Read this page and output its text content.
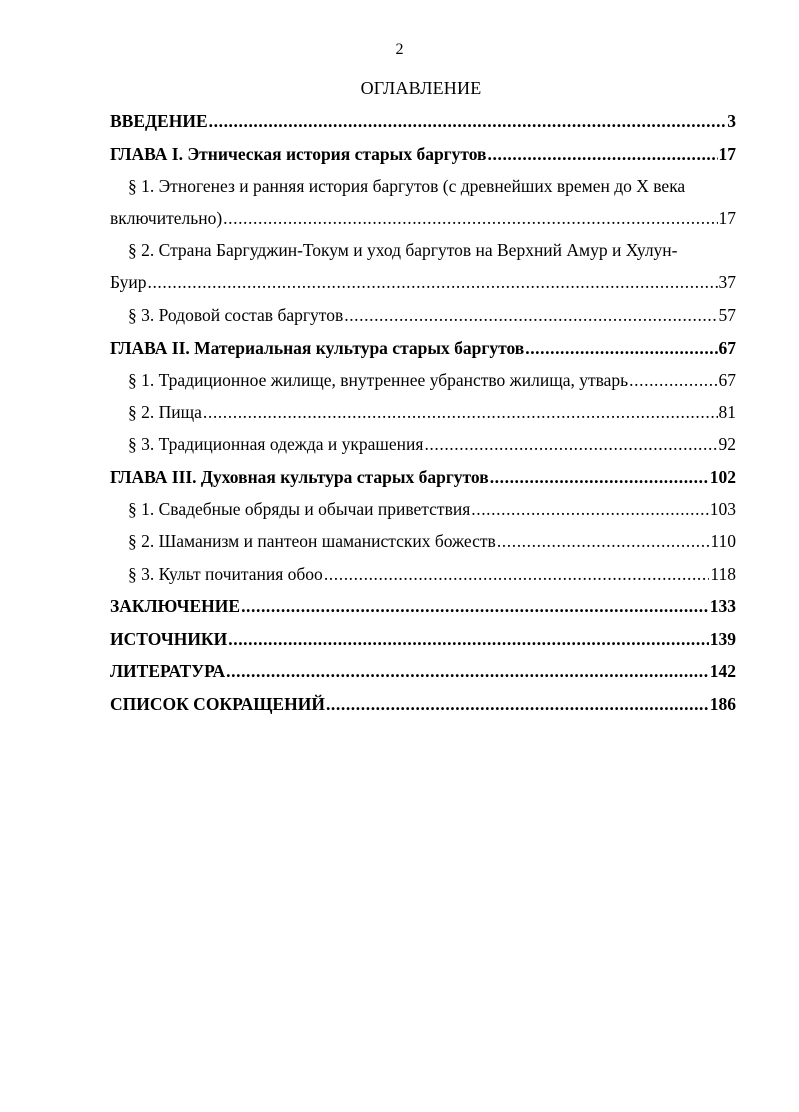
2
ОГЛАВЛЕНИЕ
ВВЕДЕНИЕ .....	3
ГЛАВА I. Этническая история старых баргутов .....	17
§ 1. Этногенез и ранняя история баргутов (с древнейших времен до X века
включительно) .....	17
§ 2. Страна Баргуджин-Токум и уход баргутов на Верхний Амур и Хулун-
Буир .....	37
§ 3. Родовой состав баргутов .....	57
ГЛАВА II. Материальная культура старых баргутов .....	67
§ 1. Традиционное жилище, внутреннее убранство жилища, утварь .....	67
§ 2. Пища .....	81
§ 3. Традиционная одежда и украшения .....	92
ГЛАВА III. Духовная культура старых баргутов .....	102
§ 1. Свадебные обряды и обычаи приветствия .....	103
§ 2. Шаманизм и пантеон шаманистских божеств .....	110
§ 3. Культ почитания обоо .....	118
ЗАКЛЮЧЕНИЕ .....	133
ИСТОЧНИКИ .....	139
ЛИТЕРАТУРА .....	142
СПИСОК СОКРАЩЕНИЙ .....	186
